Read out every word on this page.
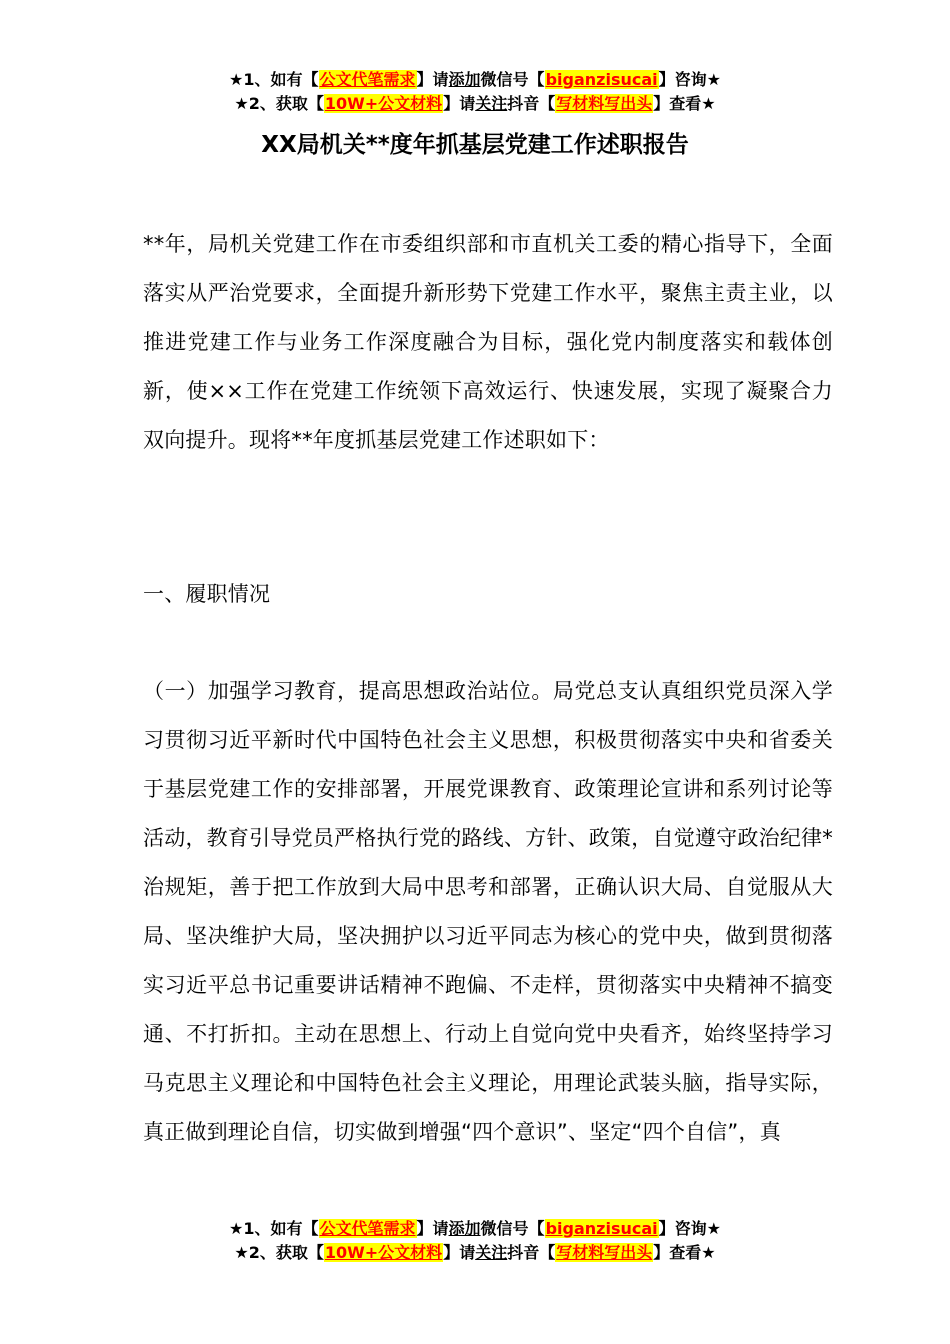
★1、如有【公文代笔需求】请添加微信号【biganzisucai】咨询★
★2、获取【10W+公文材料】请关注抖音【写材料写出头】查看★
XX局机关**度年抓基层党建工作述职报告

**年，局机关党建工作在市委组织部和市直机关工委的精心指导下，全面落实从严治党要求，全面提升新形势下党建工作水平，聚焦主责主业，以推进党建工作与业务工作深度融合为目标，强化党内制度落实和载体创新，使××工作在党建工作统领下高效运行、快速发展，实现了凝聚合力双向提升。现将**年度抓基层党建工作述职如下：

一、履职情况

（一）加强学习教育，提高思想政治站位。局党总支认真组织党员深入学习贯彻习近平新时代中国特色社会主义思想，积极贯彻落实中央和省委关于基层党建工作的安排部署，开展党课教育、政策理论宣讲和系列讨论等活动，教育引导党员严格执行党的路线、方针、政策，自觉遵守政治纪律*治规矩，善于把工作放到大局中思考和部署，正确认识大局、自觉服从大局、坚决维护大局，坚决拥护以习近平同志为核心的党中央，做到贯彻落实习近平总书记重要讲话精神不跑偏、不走样，贯彻落实中央精神不搞变通、不打折扣。主动在思想上、行动上自觉向党中央看齐，始终坚持学习马克思主义理论和中国特色社会主义理论，用理论武装头脑，指导实际，真正做到理论自信，切实做到增强“四个意识”、坚定“四个自信”，真

★1、如有【公文代笔需求】请添加微信号【biganzisucai】咨询★
★2、获取【10W+公文材料】请关注抖音【写材料写出头】查看★
